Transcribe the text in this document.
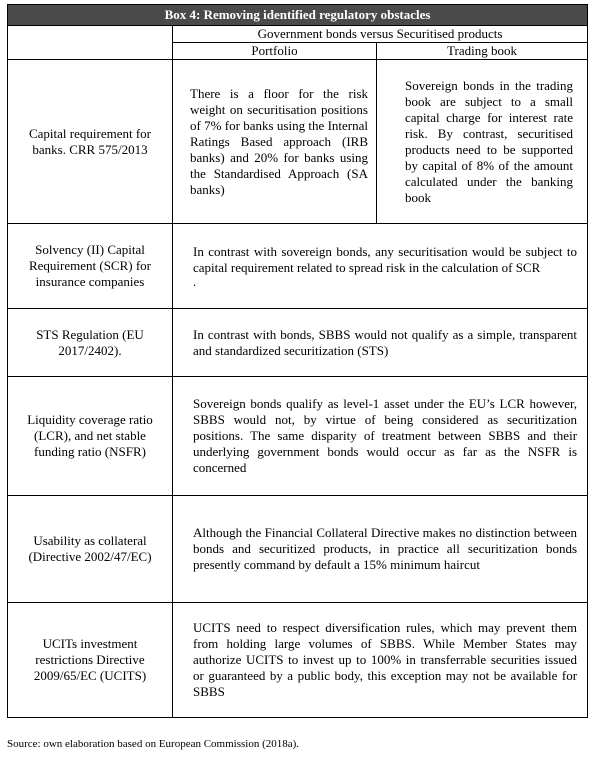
Box 4: Removing identified regulatory obstacles		
	Government bonds versus Securitised products	
	Portfolio	Trading book
Capital requirement for banks. CRR 575/2013	There is a floor for the risk weight on securitisation positions of 7% for banks using the Internal Ratings Based approach (IRB banks) and 20% for banks using the Standardised Approach (SA banks)	Sovereign bonds in the trading book are subject to a small capital charge for interest rate risk. By contrast, securitised products need to be supported by capital of 8% of the amount calculated under the banking book
Solvency (II) Capital Requirement (SCR) for insurance companies	In contrast with sovereign bonds, any securitisation would be subject to capital requirement related to spread risk in the calculation of SCR
.	

STS Regulation (EU 2017/2402).	In contrast with bonds, SBBS would not qualify as a simple, transparent and standardized securitization (STS)	
Liquidity coverage ratio (LCR), and net stable funding ratio (NSFR)	Sovereign bonds qualify as level-1 asset under the EU’s LCR however, SBBS would not, by virtue of being considered as securitization positions. The same disparity of treatment between SBBS and their underlying government bonds would occur as far as the NSFR is concerned	
Usability as collateral (Directive 2002/47/EC)	Although the Financial Collateral Directive makes no distinction between bonds and securitized products, in practice all securitization bonds presently command by default a 15% minimum haircut	
UCITs investment restrictions Directive 2009/65/EC (UCITS)	UCITS need to respect diversification rules, which may prevent them from holding large volumes of SBBS. While Member States may authorize UCITS to invest up to 100% in transferrable securities issued or guaranteed by a public body, this exception may not be available for SBBS	
Source: own elaboration based on European Commission (2018a).
